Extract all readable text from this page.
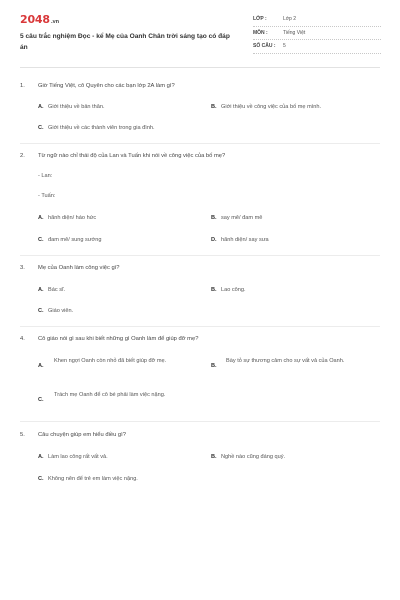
2048.vn
5 câu trắc nghiệm Đọc - kể Mẹ của Oanh Chân trời sáng tạo có đáp án
LỚP :	Lớp 2
MÔN :	Tiếng Việt
SỐ CÂU : 5
1. Giờ Tiếng Việt, cô Quyên cho các bạn lớp 2A làm gì?
A. Giới thiệu về bản thân.	B. Giới thiệu về công việc của bố mẹ mình.
C. Giới thiệu về các thành viên trong gia đình.
2. Từ ngữ nào chỉ thái độ của Lan và Tuấn khi nói về công việc của bố mẹ?
- Lan:
- Tuấn:
A. hãnh diện/ háo hức	B. say mê/ đam mê
C. đam mê/ sung sướng	D. hãnh diện/ say sưa
3. Mẹ của Oanh làm công việc gì?
A. Bác sĩ.	B. Lao công.
C. Giáo viên.
4. Cô giáo nói gì sau khi biết những gì Oanh làm để giúp đỡ mẹ?
A.
Khen ngợi Oanh còn nhỏ đã biết giúp đỡ mẹ.
B.
Bày tỏ sự thương cảm cho sự vất vả của Oanh.
C.
Trách mẹ Oanh để cô bé phải làm việc nặng.
5. Câu chuyện giúp em hiểu điều gì?
A. Làm lao công rất vất vả.	B. Nghề nào cũng đáng quý.
C. Không nên để trẻ em làm việc nặng.
